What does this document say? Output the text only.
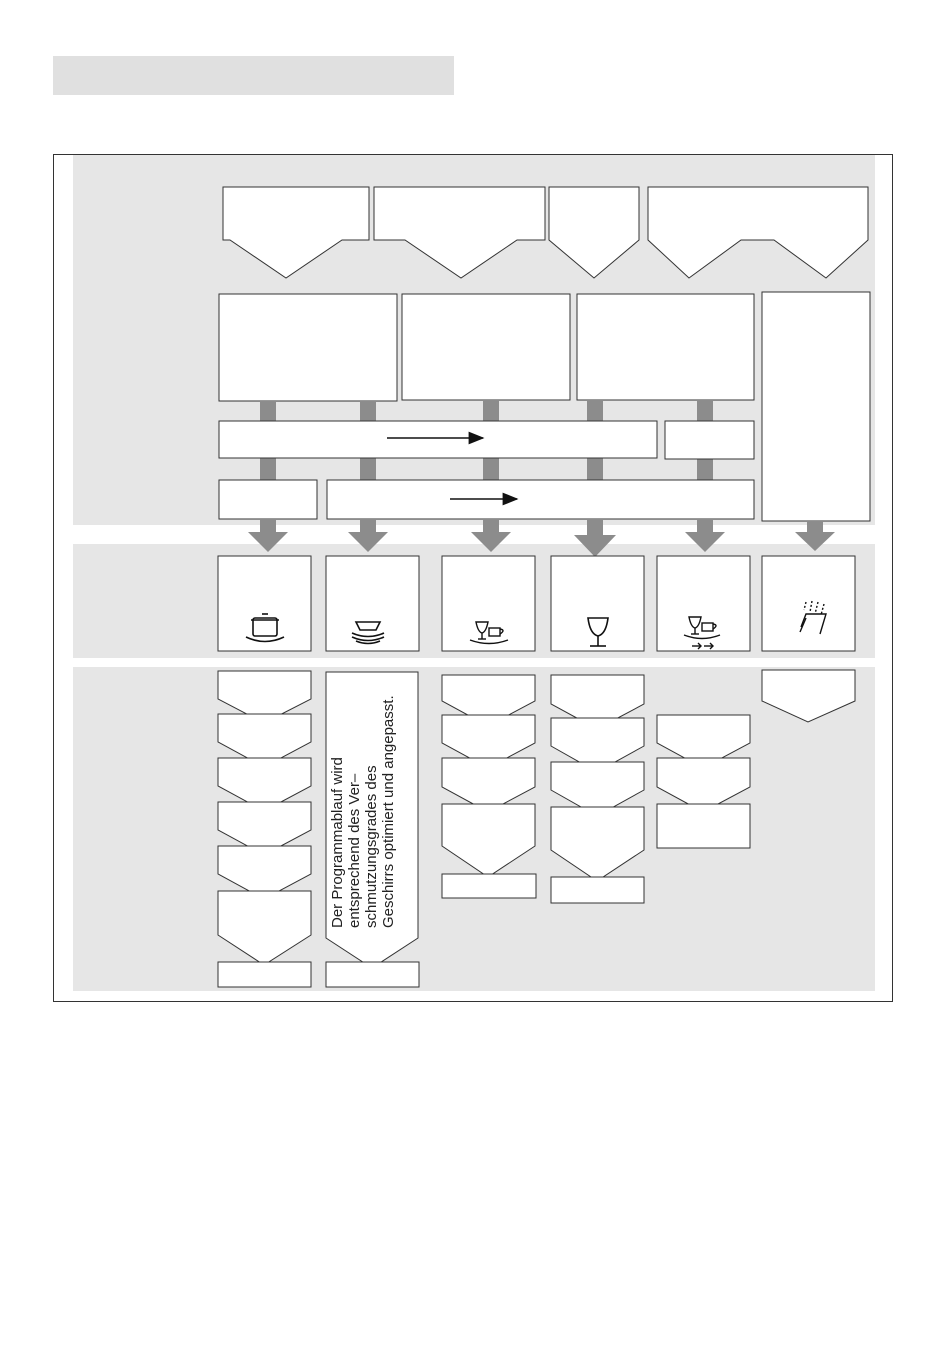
Der Programmablauf wird entsprechend des Ver– schmutzungsgrades des Geschirrs optimiert und angepasst.
